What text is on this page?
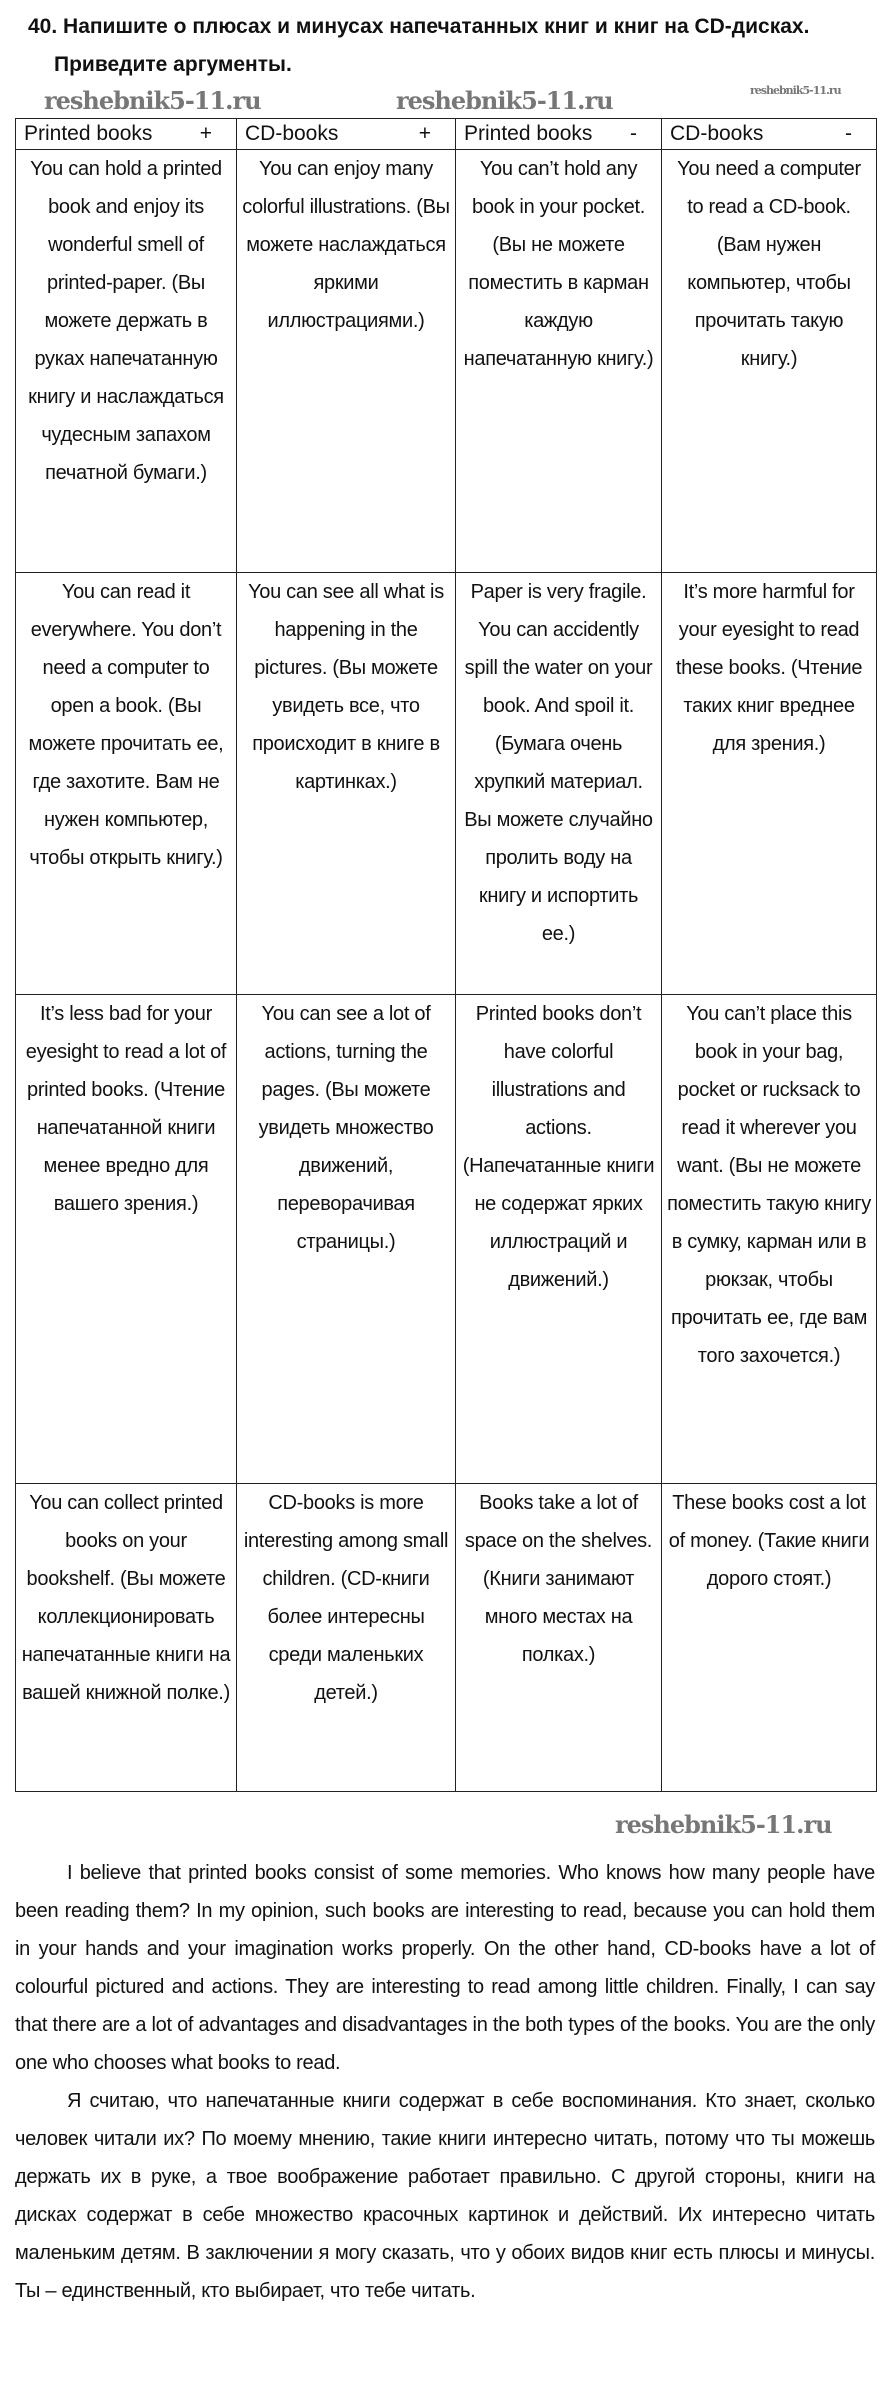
40. Напишите о плюсах и минусах напечатанных книг и книг на CD-дисках.
Приведите аргументы.
reshebnik5-11.ru	reshebnik5-11.ru	reshebnik5-11.ru
Printed books +	CD-books +	Printed books -	CD-books -

You can hold a printed book and enjoy its wonderful smell of printed-paper. (Вы можете держать в руках напечатанную книгу и наслаждаться чудесным запахом печатной бумаги.)	You can enjoy many colorful illustrations. (Вы можете наслаждаться яркими иллюстрациями.)	You can’t hold any book in your pocket. (Вы не можете поместить в карман каждую напечатанную книгу.)	You need a computer to read a CD-book. (Вам нужен компьютер, чтобы прочитать такую книгу.)
You can read it everywhere. You don’t need a computer to open a book. (Вы можете прочитать ее, где захотите. Вам не нужен компьютер, чтобы открыть книгу.)	You can see all what is happening in the pictures. (Вы можете увидеть все, что происходит в книге в картинках.)	Paper is very fragile. You can accidently spill the water on your book. And spoil it. (Бумага очень хрупкий материал. Вы можете случайно пролить воду на книгу и испортить ее.)	It’s more harmful for your eyesight to read these books. (Чтение таких книг вреднее для зрения.)
It’s less bad for your eyesight to read a lot of printed books. (Чтение напечатанной книги менее вредно для вашего зрения.)	You can see a lot of actions, turning the pages. (Вы можете увидеть множество движений, переворачивая страницы.)	Printed books don’t have colorful illustrations and actions. (Напечатанные книги не содержат ярких иллюстраций и движений.)	You can’t place this book in your bag, pocket or rucksack to read it wherever you want. (Вы не можете поместить такую книгу в сумку, карман или в рюкзак, чтобы прочитать ее, где вам того захочется.)
You can collect printed books on your bookshelf. (Вы можете коллекционировать напечатанные книги на вашей книжной полке.)	CD-books is more interesting among small children. (CD-книги более интересны среди маленьких детей.)	Books take a lot of space on the shelves. (Книги занимают много местах на полках.)	These books cost a lot of money. (Такие книги дорого стоят.)
reshebnik5-11.ru

I believe that printed books consist of some memories. Who knows how many people have been reading them? In my opinion, such books are interesting to read, because you can hold them in your hands and your imagination works properly. On the other hand, CD-books have a lot of colourful pictured and actions. They are interesting to read among little children. Finally, I can say that there are a lot of advantages and disadvantages in the both types of the books. You are the only one who chooses what books to read.

Я считаю, что напечатанные книги содержат в себе воспоминания. Кто знает, сколько человек читали их? По моему мнению, такие книги интересно читать, потому что ты можешь держать их в руке, а твое воображение работает правильно. С другой стороны, книги на дисках содержат в себе множество красочных картинок и действий. Их интересно читать маленьким детям. В заключении я могу сказать, что у обоих видов книг есть плюсы и минусы. Ты – единственный, кто выбирает, что тебе читать.
